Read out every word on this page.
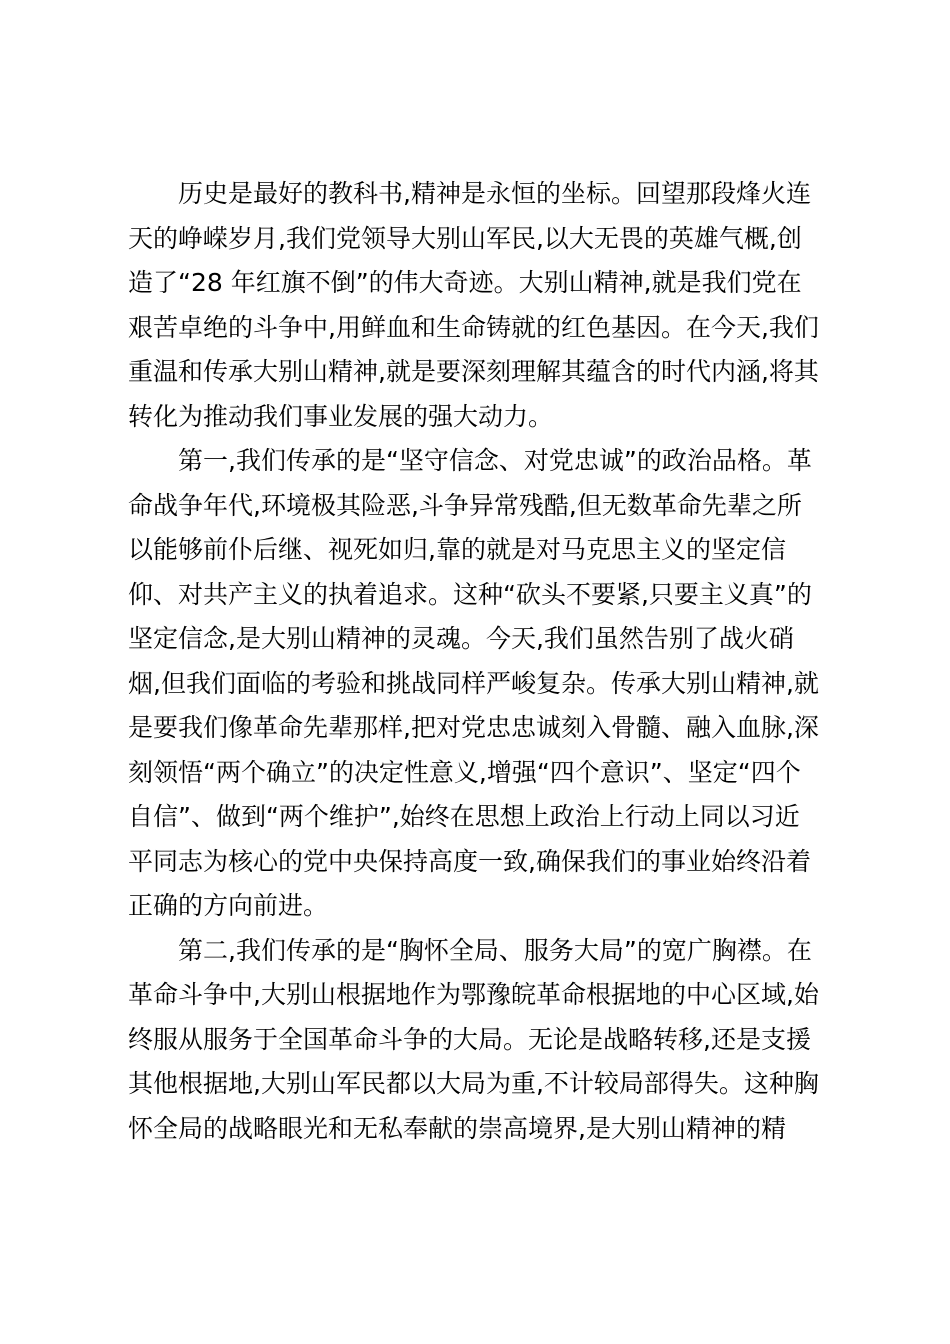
历史是最好的教科书,精神是永恒的坐标。回望那段烽火连
天的峥嵘岁月,我们党领导大别山军民,以大无畏的英雄气概,创
造了“28 年红旗不倒”的伟大奇迹。大别山精神,就是我们党在
艰苦卓绝的斗争中,用鲜血和生命铸就的红色基因。在今天,我们
重温和传承大别山精神,就是要深刻理解其蕴含的时代内涵,将其
转化为推动我们事业发展的强大动力。
第一,我们传承的是“坚守信念、对党忠诚”的政治品格。革
命战争年代,环境极其险恶,斗争异常残酷,但无数革命先辈之所
以能够前仆后继、视死如归,靠的就是对马克思主义的坚定信
仰、对共产主义的执着追求。这种“砍头不要紧,只要主义真”的
坚定信念,是大别山精神的灵魂。今天,我们虽然告别了战火硝
烟,但我们面临的考验和挑战同样严峻复杂。传承大别山精神,就
是要我们像革命先辈那样,把对党忠忠诚刻入骨髓、融入血脉,深
刻领悟“两个确立”的决定性意义,增强“四个意识”、坚定“四个
自信”、做到“两个维护”,始终在思想上政治上行动上同以习近
平同志为核心的党中央保持高度一致,确保我们的事业始终沿着
正确的方向前进。
第二,我们传承的是“胸怀全局、服务大局”的宽广胸襟。在
革命斗争中,大别山根据地作为鄂豫皖革命根据地的中心区域,始
终服从服务于全国革命斗争的大局。无论是战略转移,还是支援
其他根据地,大别山军民都以大局为重,不计较局部得失。这种胸
怀全局的战略眼光和无私奉献的崇高境界,是大别山精神的精
